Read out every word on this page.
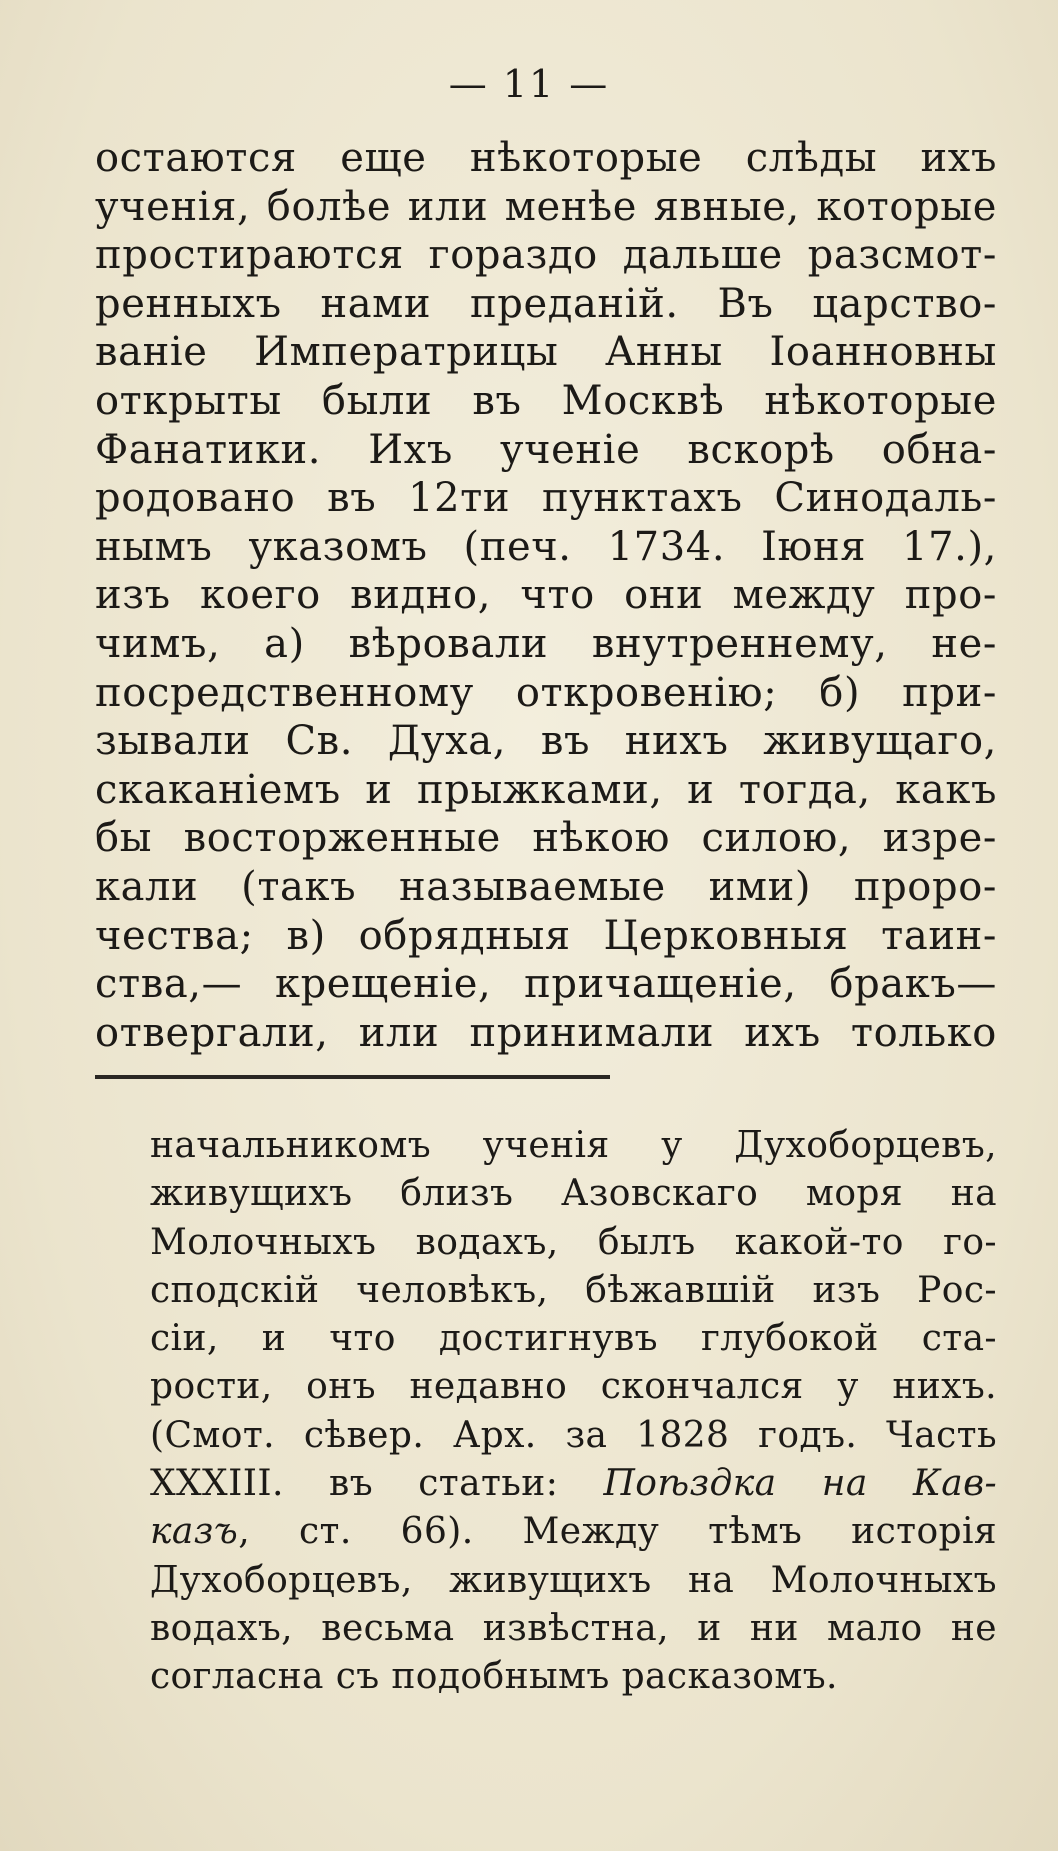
— 11 —
остаются еще нѣкоторые слѣды ихъ
ученія, болѣе или менѣе явные, которые
простираются гораздо дальше разсмот-
ренныхъ нами преданій. Въ царство-
ваніе Императрицы Анны Іоанновны
открыты были въ Москвѣ нѣкоторые
Фанатики. Ихъ ученіе вскорѣ обна-
родовано въ 12ти пунктахъ Синодаль-
нымъ указомъ (печ. 1734. Іюня 17.),
изъ коего видно, что они между про-
чимъ, а) вѣровали внутреннему, не-
посредственному откровенію; б) при-
зывали Св. Духа, въ нихъ живущаго,
скаканіемъ и прыжками, и тогда, какъ
бы восторженные нѣкою силою, изре-
кали (такъ называемые ими) проро-
чества; в) обрядныя Церковныя таин-
ства,— крещеніе, причащеніе, бракъ—
отвергали, или принимали ихъ только
начальникомъ ученія у Духоборцевъ,
живущихъ близъ Азовскаго моря на
Молочныхъ водахъ, былъ какой-то го-
сподскій человѣкъ, бѣжавшій изъ Рос-
сіи, и что достигнувъ глубокой ста-
рости, онъ недавно скончался у нихъ.
(Смот. сѣвер. Арх. за 1828 годъ. Часть
XXXIII. въ статьи: Поѣздка на Кав-
казъ, ст. 66). Между тѣмъ исторія
Духоборцевъ, живущихъ на Молочныхъ
водахъ, весьма извѣстна, и ни мало не
согласна съ подобнымъ расказомъ.
